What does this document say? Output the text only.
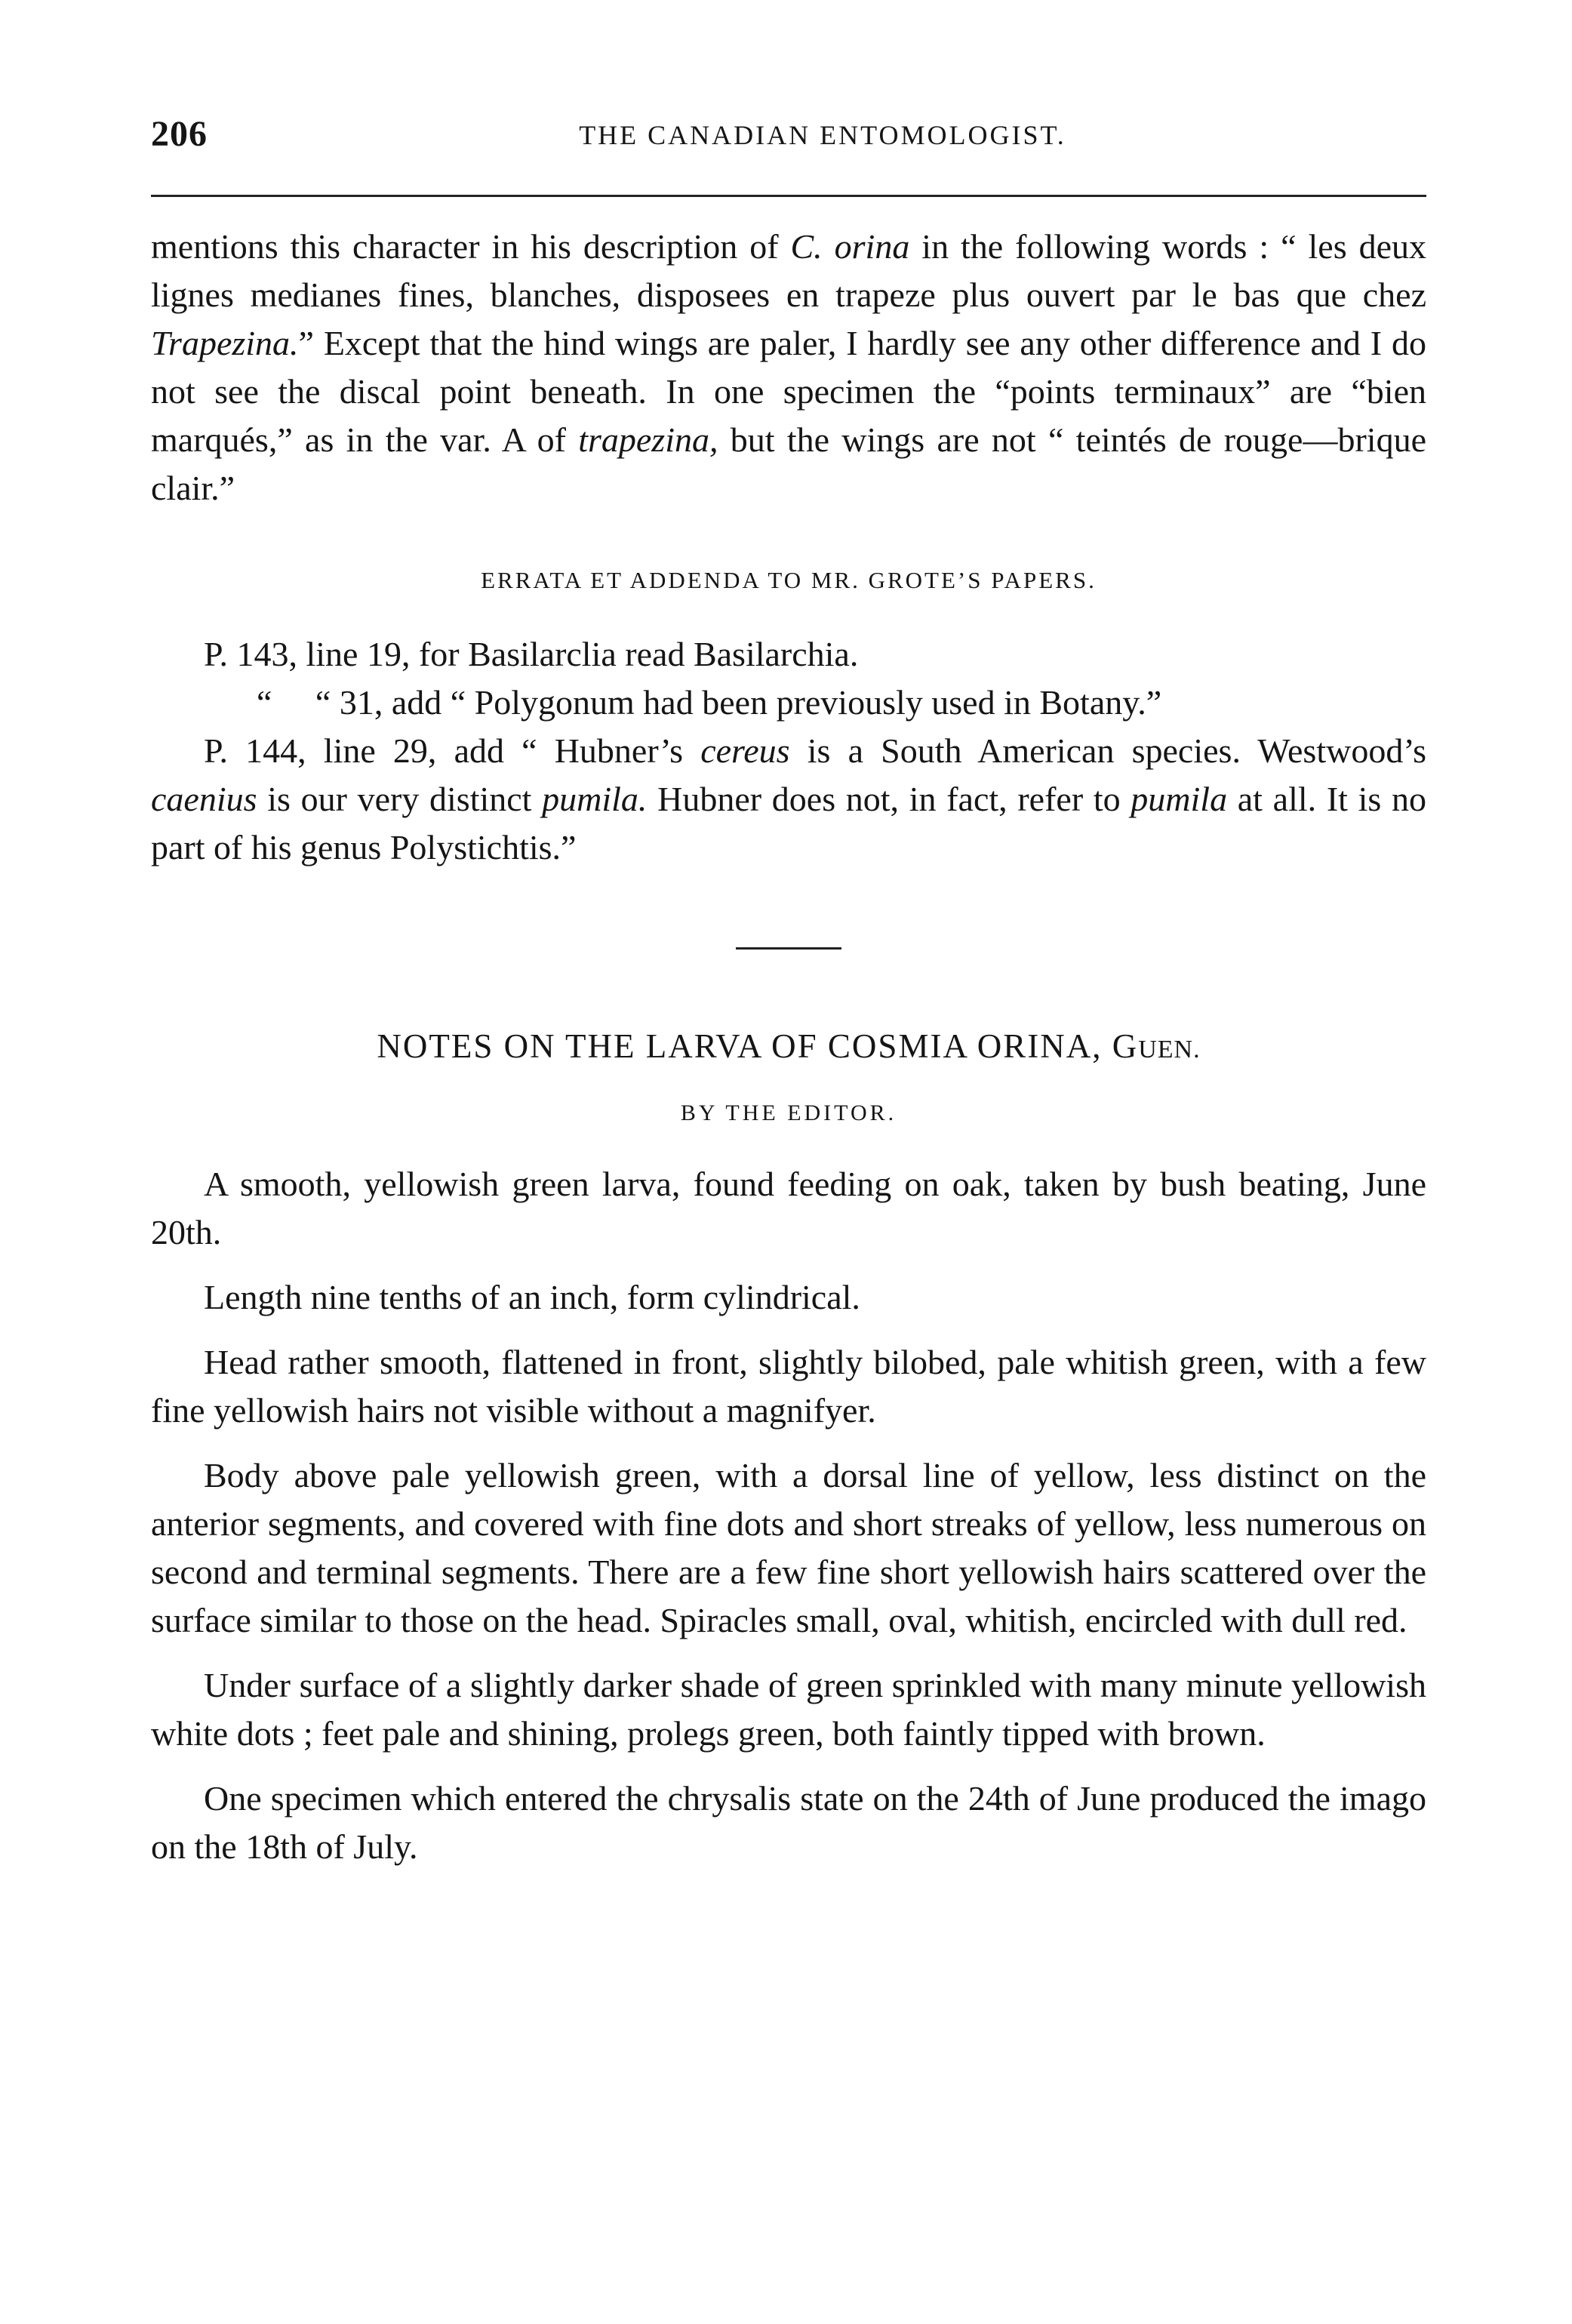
206	THE CANADIAN ENTOMOLOGIST.

mentions this character in his description of C. orina in the following words : “ les deux lignes medianes fines, blanches, disposees en trapeze plus ouvert par le bas que chez Trapezina.” Except that the hind wings are paler, I hardly see any other difference and I do not see the discal point beneath. In one specimen the “points terminaux” are “bien marqués,” as in the var. A of trapezina, but the wings are not “ teintés de rouge—brique clair.”

ERRATA ET ADDENDA TO MR. GROTE’S PAPERS.

P. 143, line 19, for Basilarclia read Basilarchia.

“     “ 31, add “ Polygonum had been previously used in Botany.”

P. 144, line 29, add “ Hubner’s cereus is a South American species. Westwood’s caenius is our very distinct pumila. Hubner does not, in fact, refer to pumila at all. It is no part of his genus Polystichtis.”

NOTES ON THE LARVA OF COSMIA ORINA, GUEN.
BY THE EDITOR.

A smooth, yellowish green larva, found feeding on oak, taken by bush beating, June 20th.

Length nine tenths of an inch, form cylindrical.

Head rather smooth, flattened in front, slightly bilobed, pale whitish green, with a few fine yellowish hairs not visible without a magnifyer.

Body above pale yellowish green, with a dorsal line of yellow, less distinct on the anterior segments, and covered with fine dots and short streaks of yellow, less numerous on second and terminal segments. There are a few fine short yellowish hairs scattered over the surface similar to those on the head. Spiracles small, oval, whitish, encircled with dull red.

Under surface of a slightly darker shade of green sprinkled with many minute yellowish white dots ; feet pale and shining, prolegs green, both faintly tipped with brown.

One specimen which entered the chrysalis state on the 24th of June produced the imago on the 18th of July.
